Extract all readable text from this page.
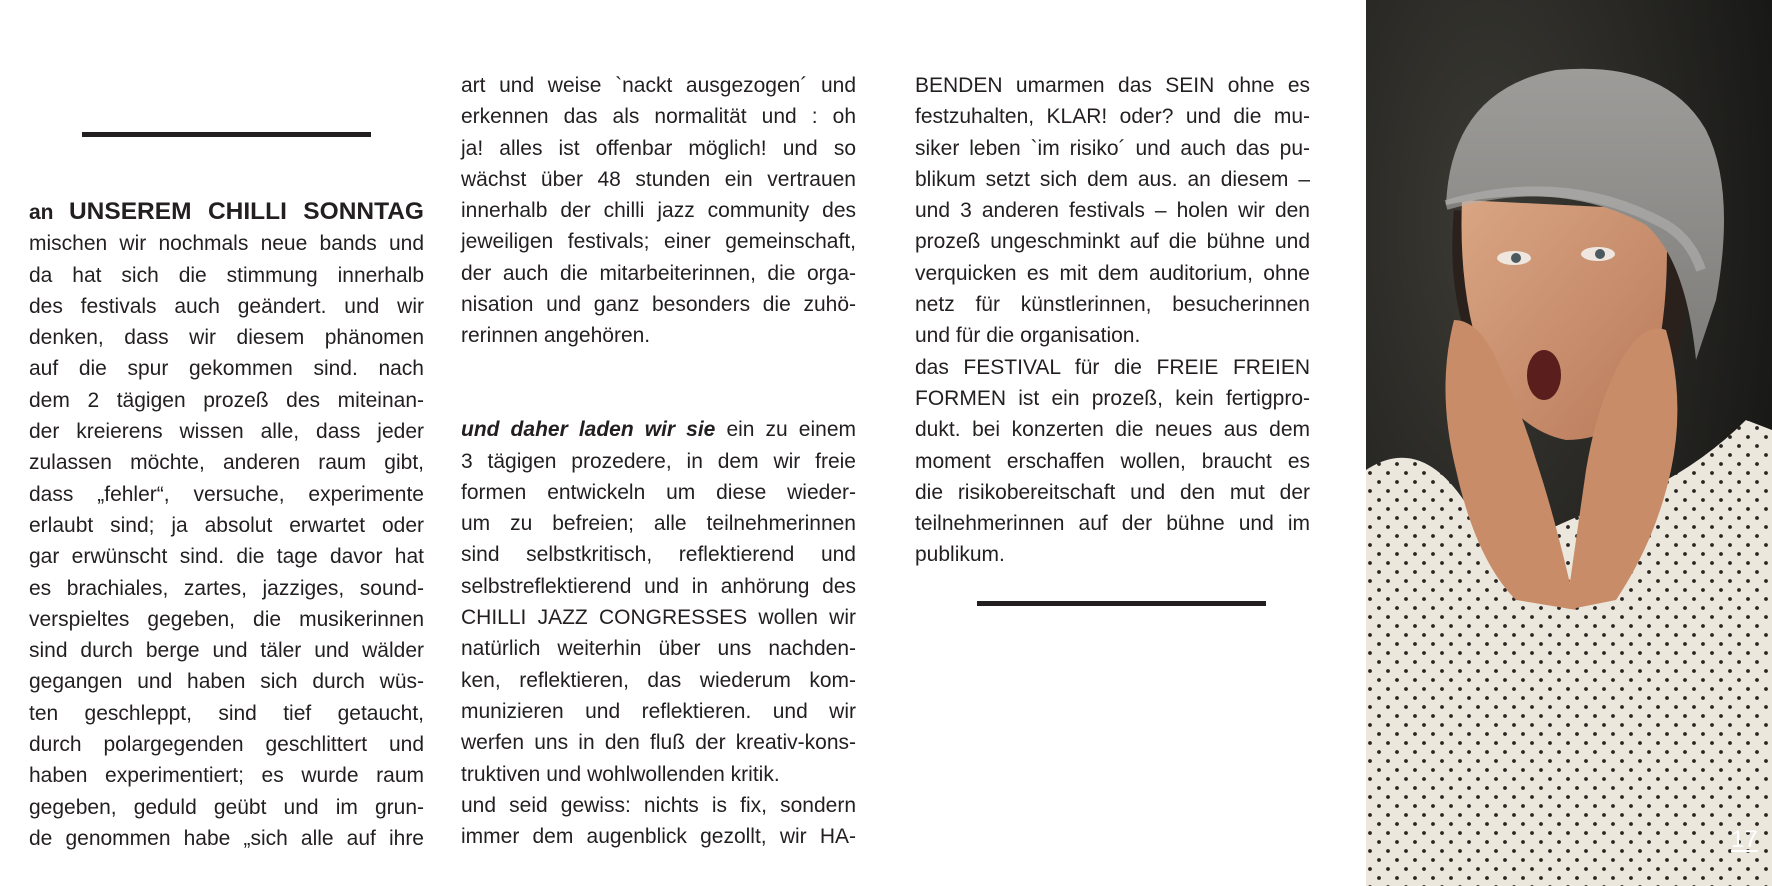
an UNSEREM CHILLI SONNTAG
mischen wir nochmals neue bands und
da hat sich die stimmung innerhalb
des festivals auch geändert. und wir
denken, dass wir diesem phänomen
auf die spur gekommen sind. nach
dem 2 tägigen prozeß des miteinan-
der kreierens wissen alle, dass jeder
zulassen möchte, anderen raum gibt,
dass „fehler“, versuche, experimente
erlaubt sind; ja absolut erwartet oder
gar erwünscht sind. die tage davor hat
es brachiales, zartes, jazziges, sound-
verspieltes gegeben, die musikerinnen
sind durch berge und täler und wälder
gegangen und haben sich durch wüs-
ten geschleppt, sind tief getaucht,
durch polargegenden geschlittert und
haben experimentiert; es wurde raum
gegeben, geduld geübt und im grun-
de genommen habe „sich alle auf ihre
art und weise `nackt ausgezogen´ und
erkennen das als normalität und : oh
ja! alles ist offenbar möglich! und so
wächst über 48 stunden ein vertrauen
innerhalb der chilli jazz community des
jeweiligen festivals; einer gemeinschaft,
der auch die mitarbeiterinnen, die orga-
nisation und ganz besonders die zuhö-
rerinnen angehören.
und daher laden wir sie ein zu einem
3 tägigen prozedere, in dem wir freie
formen entwickeln um diese wieder-
um zu befreien; alle teilnehmerinnen
sind selbstkritisch, reflektierend und
selbstreflektierend und in anhörung des
CHILLI JAZZ CONGRESSES wollen wir
natürlich weiterhin über uns nachden-
ken, reflektieren, das wiederum kom-
munizieren und reflektieren. und wir
werfen uns in den fluß der kreativ-kons-
truktiven und wohlwollenden kritik.
und seid gewiss: nichts is fix, sondern
immer dem augenblick gezollt, wir HA-
BENDEN umarmen das SEIN ohne es
festzuhalten, KLAR! oder? und die mu-
siker leben `im risiko´ und auch das pu-
blikum setzt sich dem aus. an diesem –
und 3 anderen festivals – holen wir den
prozeß ungeschminkt auf die bühne und
verquicken es mit dem auditorium, ohne
netz für künstlerinnen, besucherinnen
und für die organisation.
das FESTIVAL für die FREIE FREIEN
FORMEN ist ein prozeß, kein fertigpro-
dukt. bei konzerten die neues aus dem
moment erschaffen wollen, braucht es
die risikobereitschaft und den mut der
teilnehmerinnen auf der bühne und im
publikum.
17
